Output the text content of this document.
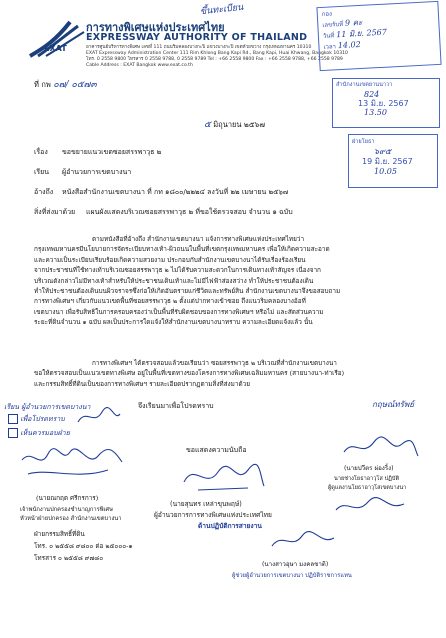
ขึ้นทะเบียน
EXAT
การทางพิเศษแห่งประเทศไทย
EXPRESSWAY AUTHORITY OF THAILAND
อาคารศูนย์บริหารทางพิเศษ เลขที่ 111 ถนนริมคลองบางกะปิ แขวงบางกะปิ เขตห้วยขวาง กรุงเทพมหานคร 10310
EXAT Expressway Administration Center 111 Rim Khlong Bang Kapi Rd., Bang Kapi, Huai Khwang, Bangkok 10310
โทร. 0 2558 9800 โทรสาร 0 2558 9788, 0 2558 9789 Tel : +66 2558 9800 Fax : +66 2558 9788, +66 2558 9789
Cable Address : EXAT Bangkok www.exat.co.th
กอง
เลขรับที่ 9 คะ
วันที่ 11 มิ.ย. 2567
เวลา 14.02
ที่ กพ ๐๗/ ๐๕๗๓	สำนักงานเขตยานนาวา
824
13 มิ.ย. 2567
13.50
๕ มิถุนายน ๒๕๖๗
ฝ่ายโยธา
๖๙๕
19 มิ.ย. 2567
10.05
เรื่อง ขอขยายแนวเขตซอยสรรพาวุธ ๒
เรียน ผู้อำนวยการเขตบางนา
อ้างถึง หนังสือสำนักงานเขตบางนา ที่ กท ๑๘๐๐/๒๒๒๔ ลงวันที่ ๒๒ เมษายน ๒๕๖๗
สิ่งที่ส่งมาด้วย แผนผังแสดงบริเวณซอยสรรพาวุธ ๒ ที่ขอใช้ตรวจสอบ จำนวน ๑ ฉบับ
ตามหนังสือที่อ้างถึง สำนักงานเขตบางนา แจ้งการทางพิเศษแห่งประเทศไทยว่า
กรุงเทพมหานครมีนโยบายการจัดระเบียบทางเท้า-ผิวถนนในพื้นที่เขตกรุงเทพมหานคร เพื่อให้เกิดความสะอาด
และความเป็นระเบียบเรียบร้อยเกิดความสวยงาม ประกอบกับสำนักงานเขตบางนาได้รับเรื่องร้องเรียน
จากประชาชนที่ใช้ทางเท้าบริเวณซอยสรรพาวุธ ๒ ไม่ได้รับความสะดวกในการเดินทางเท้าสัญจร เนื่องจาก
บริเวณดังกล่าวไม่มีทางเท้าสำหรับให้ประชาชนเดินเท้าและไม่มีไฟฟ้าส่องสว่าง ทำให้ประชาชนต้องเดิน
ทำให้ประชาชนต้องเดินบนผิวจราจรซึ่งก่อให้เกิดอันตรายแก่ชีวิตและทรัพย์สิน สำนักงานเขตบางนาจึงขอสอบถาม
การทางพิเศษฯ เกี่ยวกับแนวเขตพื้นที่ซอยสรรพาวุธ ๒ ตั้งแต่ปากทางเข้าซอย ถึงแนวริมคลองบางอ้อที่
เขตบางนา เพื่อรับสิทธิในการครอบครองว่าเป็นพื้นที่รับผิดชอบของการทางพิเศษฯ หรือไม่ และสัดส่วนความ
ระยะที่ดินจำนวน ๑ ฉบับ ผลเป็นประการใดแจ้งให้สำนักงานเขตบางนาทราบ ความละเอียดแจ้งแล้ว นั้น
การทางพิเศษฯ ได้ตรวจสอบแล้วขอเรียนว่า ซอยสรรพาวุธ ๒ บริเวณที่สำนักงานเขตบางนา
ขอให้ตรวจสอบเป็นแนวเขตทางพิเศษ อยู่ในพื้นที่เขตทางของโครงการทางพิเศษเฉลิมมหานคร (สายบางนา-ท่าเรือ)
และกรรมสิทธิ์ที่ดินเป็นของการทางพิเศษฯ รายละเอียดปรากฏตามสิ่งที่ส่งมาด้วย
กฤษณ์ทรัพย์
จึงเรียนมาเพื่อโปรดทราบ
เรียน ผู้อำนวยการเขตบางนา
เพื่อโปรดทราบ
เห็นควรมอบฝ่าย
(นายณกฤต ศรีกรการ)
เจ้าพนักงานปกครองชำนาญการพิเศษ
หัวหน้าฝ่ายปกครอง สำนักงานเขตบางนา
ขอแสดงความนับถือ
(นายสุนทร เหล่าขุนพฤษ์)
ผู้อำนวยการการทางพิเศษแห่งประเทศไทย
ด้านปฏิบัติการสายงาน
(นายปวีตร ผ่องริ้ง)
นายช่างโยธาอาวุโส ปฏิบัติ
ผู้ดูแลงานโยธาอาวุโสเขตบางนา
ฝ่ายกรรมสิทธิ์ที่ดิน
โทร. ๐ ๒๕๕๘ ๙๘๐๐ ต่อ ๒๕๐๐๐-๑
โทรสาร ๐ ๒๕๕๘ ๙๗๘๐
(นางสาวอุษา มงคลชาติ)
ผู้ช่วยผู้อำนวยการเขตบางนา ปฏิบัติราชการแทน
